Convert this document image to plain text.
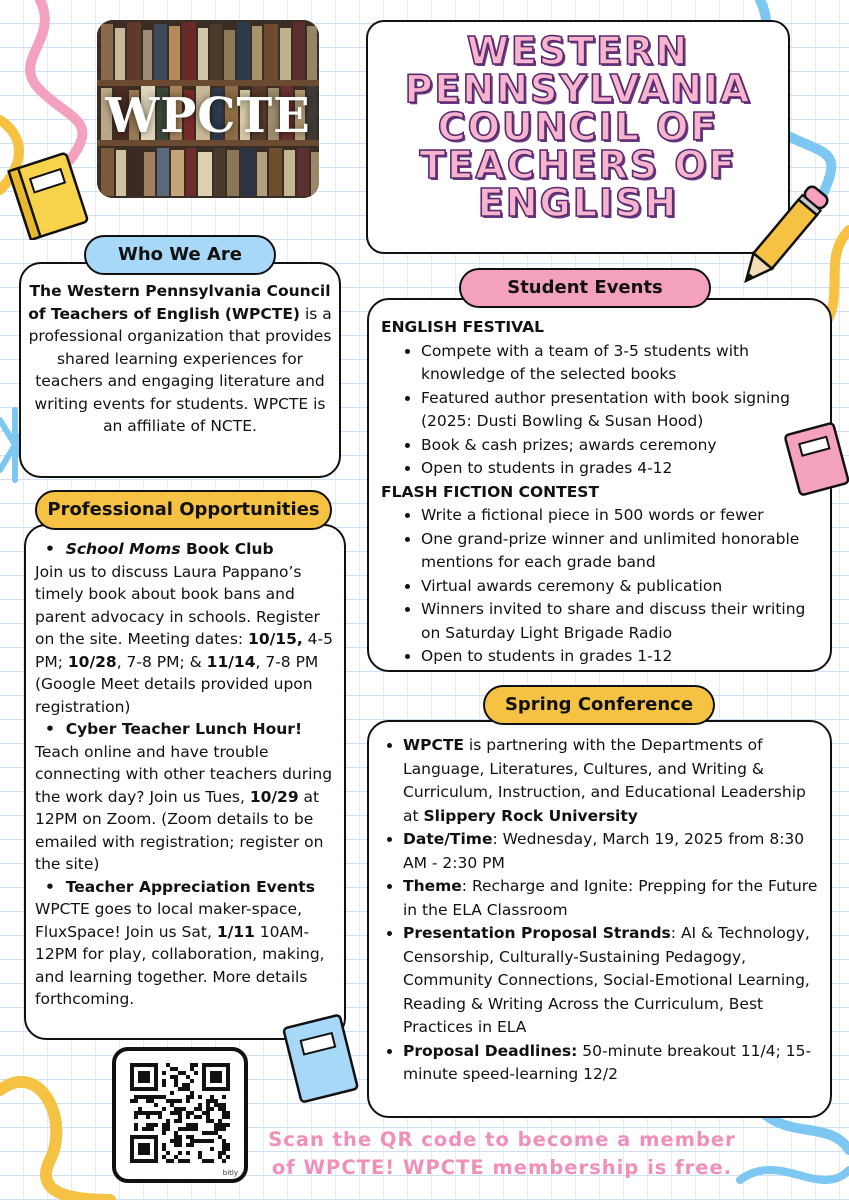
WPCTE
WESTERN
PENNSYLVANIA
COUNCIL OF
TEACHERS OF
ENGLISH
Who We Are
The Western Pennsylvania Council of Teachers of English (WPCTE) is a professional organization that provides shared learning experiences for teachers and engaging literature and writing events for students. WPCTE is an affiliate of NCTE.
Student Events
ENGLISH FESTIVAL
• Compete with a team of 3-5 students with knowledge of the selected books
• Featured author presentation with book signing (2025: Dusti Bowling & Susan Hood)
• Book & cash prizes; awards ceremony
• Open to students in grades 4-12
FLASH FICTION CONTEST
• Write a fictional piece in 500 words or fewer
• One grand-prize winner and unlimited honorable mentions for each grade band
• Virtual awards ceremony & publication
• Winners invited to share and discuss their writing on Saturday Light Brigade Radio
• Open to students in grades 1-12
Professional Opportunities
•  School Moms Book Club
Join us to discuss Laura Pappano’s timely book about book bans and parent advocacy in schools. Register on the site. Meeting dates: 10/15, 4-5 PM; 10/28, 7-8 PM; & 11/14, 7-8 PM (Google Meet details provided upon registration)
•  Cyber Teacher Lunch Hour!
Teach online and have trouble connecting with other teachers during the work day? Join us Tues, 10/29 at 12PM on Zoom. (Zoom details to be emailed with registration; register on the site)
•  Teacher Appreciation Events
WPCTE goes to local maker-space, FluxSpace! Join us Sat, 1/11 10AM-12PM for play, collaboration, making, and learning together. More details forthcoming.
Spring Conference
• WPCTE is partnering with the Departments of Language, Literatures, Cultures, and Writing & Curriculum, Instruction, and Educational Leadership at Slippery Rock University
• Date/Time: Wednesday, March 19, 2025 from 8:30 AM - 2:30 PM
• Theme: Recharge and Ignite: Prepping for the Future in the ELA Classroom
• Presentation Proposal Strands: AI & Technology, Censorship, Culturally-Sustaining Pedagogy, Community Connections, Social-Emotional Learning, Reading & Writing Across the Curriculum, Best Practices in ELA
• Proposal Deadlines: 50-minute breakout 11/4; 15-minute speed-learning 12/2
bitly
Scan the QR code to become a member
of WPCTE! WPCTE membership is free.
